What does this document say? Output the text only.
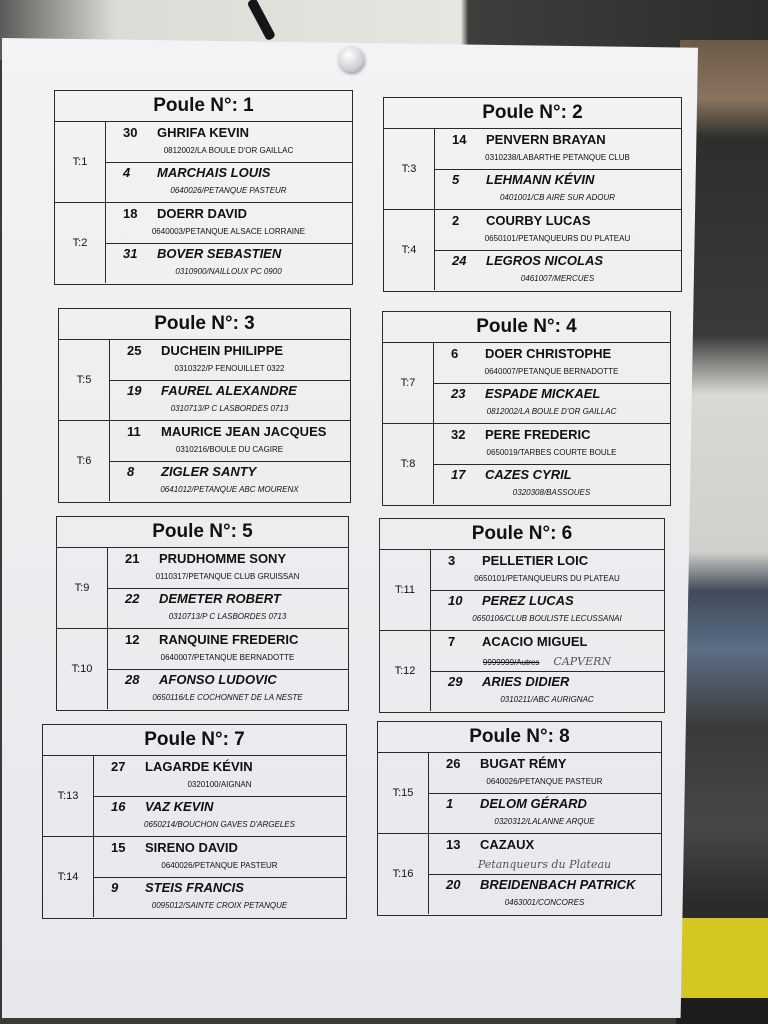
Poule N°: 1
T:1
30 GHRIFA KEVIN
0812002/LA BOULE D'OR GAILLAC
4 MARCHAIS LOUIS
0640026/PETANQUE PASTEUR
T:2
18 DOERR DAVID
0640003/PETANQUE ALSACE LORRAINE
31 BOVER SEBASTIEN
0310900/NAILLOUX PC 0900
Poule N°: 2
T:3
14 PENVERN BRAYAN
0310238/LABARTHE PETANQUE CLUB
5 LEHMANN KÉVIN
0401001/CB AIRE SUR ADOUR
T:4
2 COURBY LUCAS
0650101/PETANQUEURS DU PLATEAU
24 LEGROS NICOLAS
0461007/MERCUES
Poule N°: 3
T:5
25 DUCHEIN PHILIPPE
0310322/P FENOUILLET 0322
19 FAUREL ALEXANDRE
0310713/P C LASBORDES 0713
T:6
11 MAURICE JEAN JACQUES
0310216/BOULE DU CAGIRE
8 ZIGLER SANTY
0641012/PETANQUE ABC MOURENX
Poule N°: 4
T:7
6 DOER CHRISTOPHE
0640007/PETANQUE BERNADOTTE
23 ESPADE MICKAEL
0812002/LA BOULE D'OR GAILLAC
T:8
32 PERE FREDERIC
0650019/TARBES COURTE BOULE
17 CAZES CYRIL
0320308/BASSOUES
Poule N°: 5
T:9
21 PRUDHOMME SONY
0110317/PETANQUE CLUB GRUISSAN
22 DEMETER ROBERT
0310713/P C LASBORDES 0713
T:10
12 RANQUINE FREDERIC
0640007/PETANQUE BERNADOTTE
28 AFONSO LUDOVIC
0650116/LE COCHONNET DE LA NESTE
Poule N°: 6
T:11
3 PELLETIER LOIC
0650101/PETANQUEURS DU PLATEAU
10 PEREZ LUCAS
0650106/CLUB BOULISTE LECUSSANAI
T:12
7 ACACIO MIGUEL
9999999/Autres CAPVERN
29 ARIES DIDIER
0310211/ABC AURIGNAC
Poule N°: 7
T:13
27 LAGARDE KÉVIN
0320100/AIGNAN
16 VAZ KEVIN
0650214/BOUCHON GAVES D'ARGELES
T:14
15 SIRENO DAVID
0640026/PETANQUE PASTEUR
9 STEIS FRANCIS
0095012/SAINTE CROIX PETANQUE
Poule N°: 8
T:15
26 BUGAT RÉMY
0640026/PETANQUE PASTEUR
1 DELOM GÉRARD
0320312/LALANNE ARQUE
T:16
13 CAZAUX
Petanqueurs du Plateau
20 BREIDENBACH PATRICK
0463001/CONCORES
